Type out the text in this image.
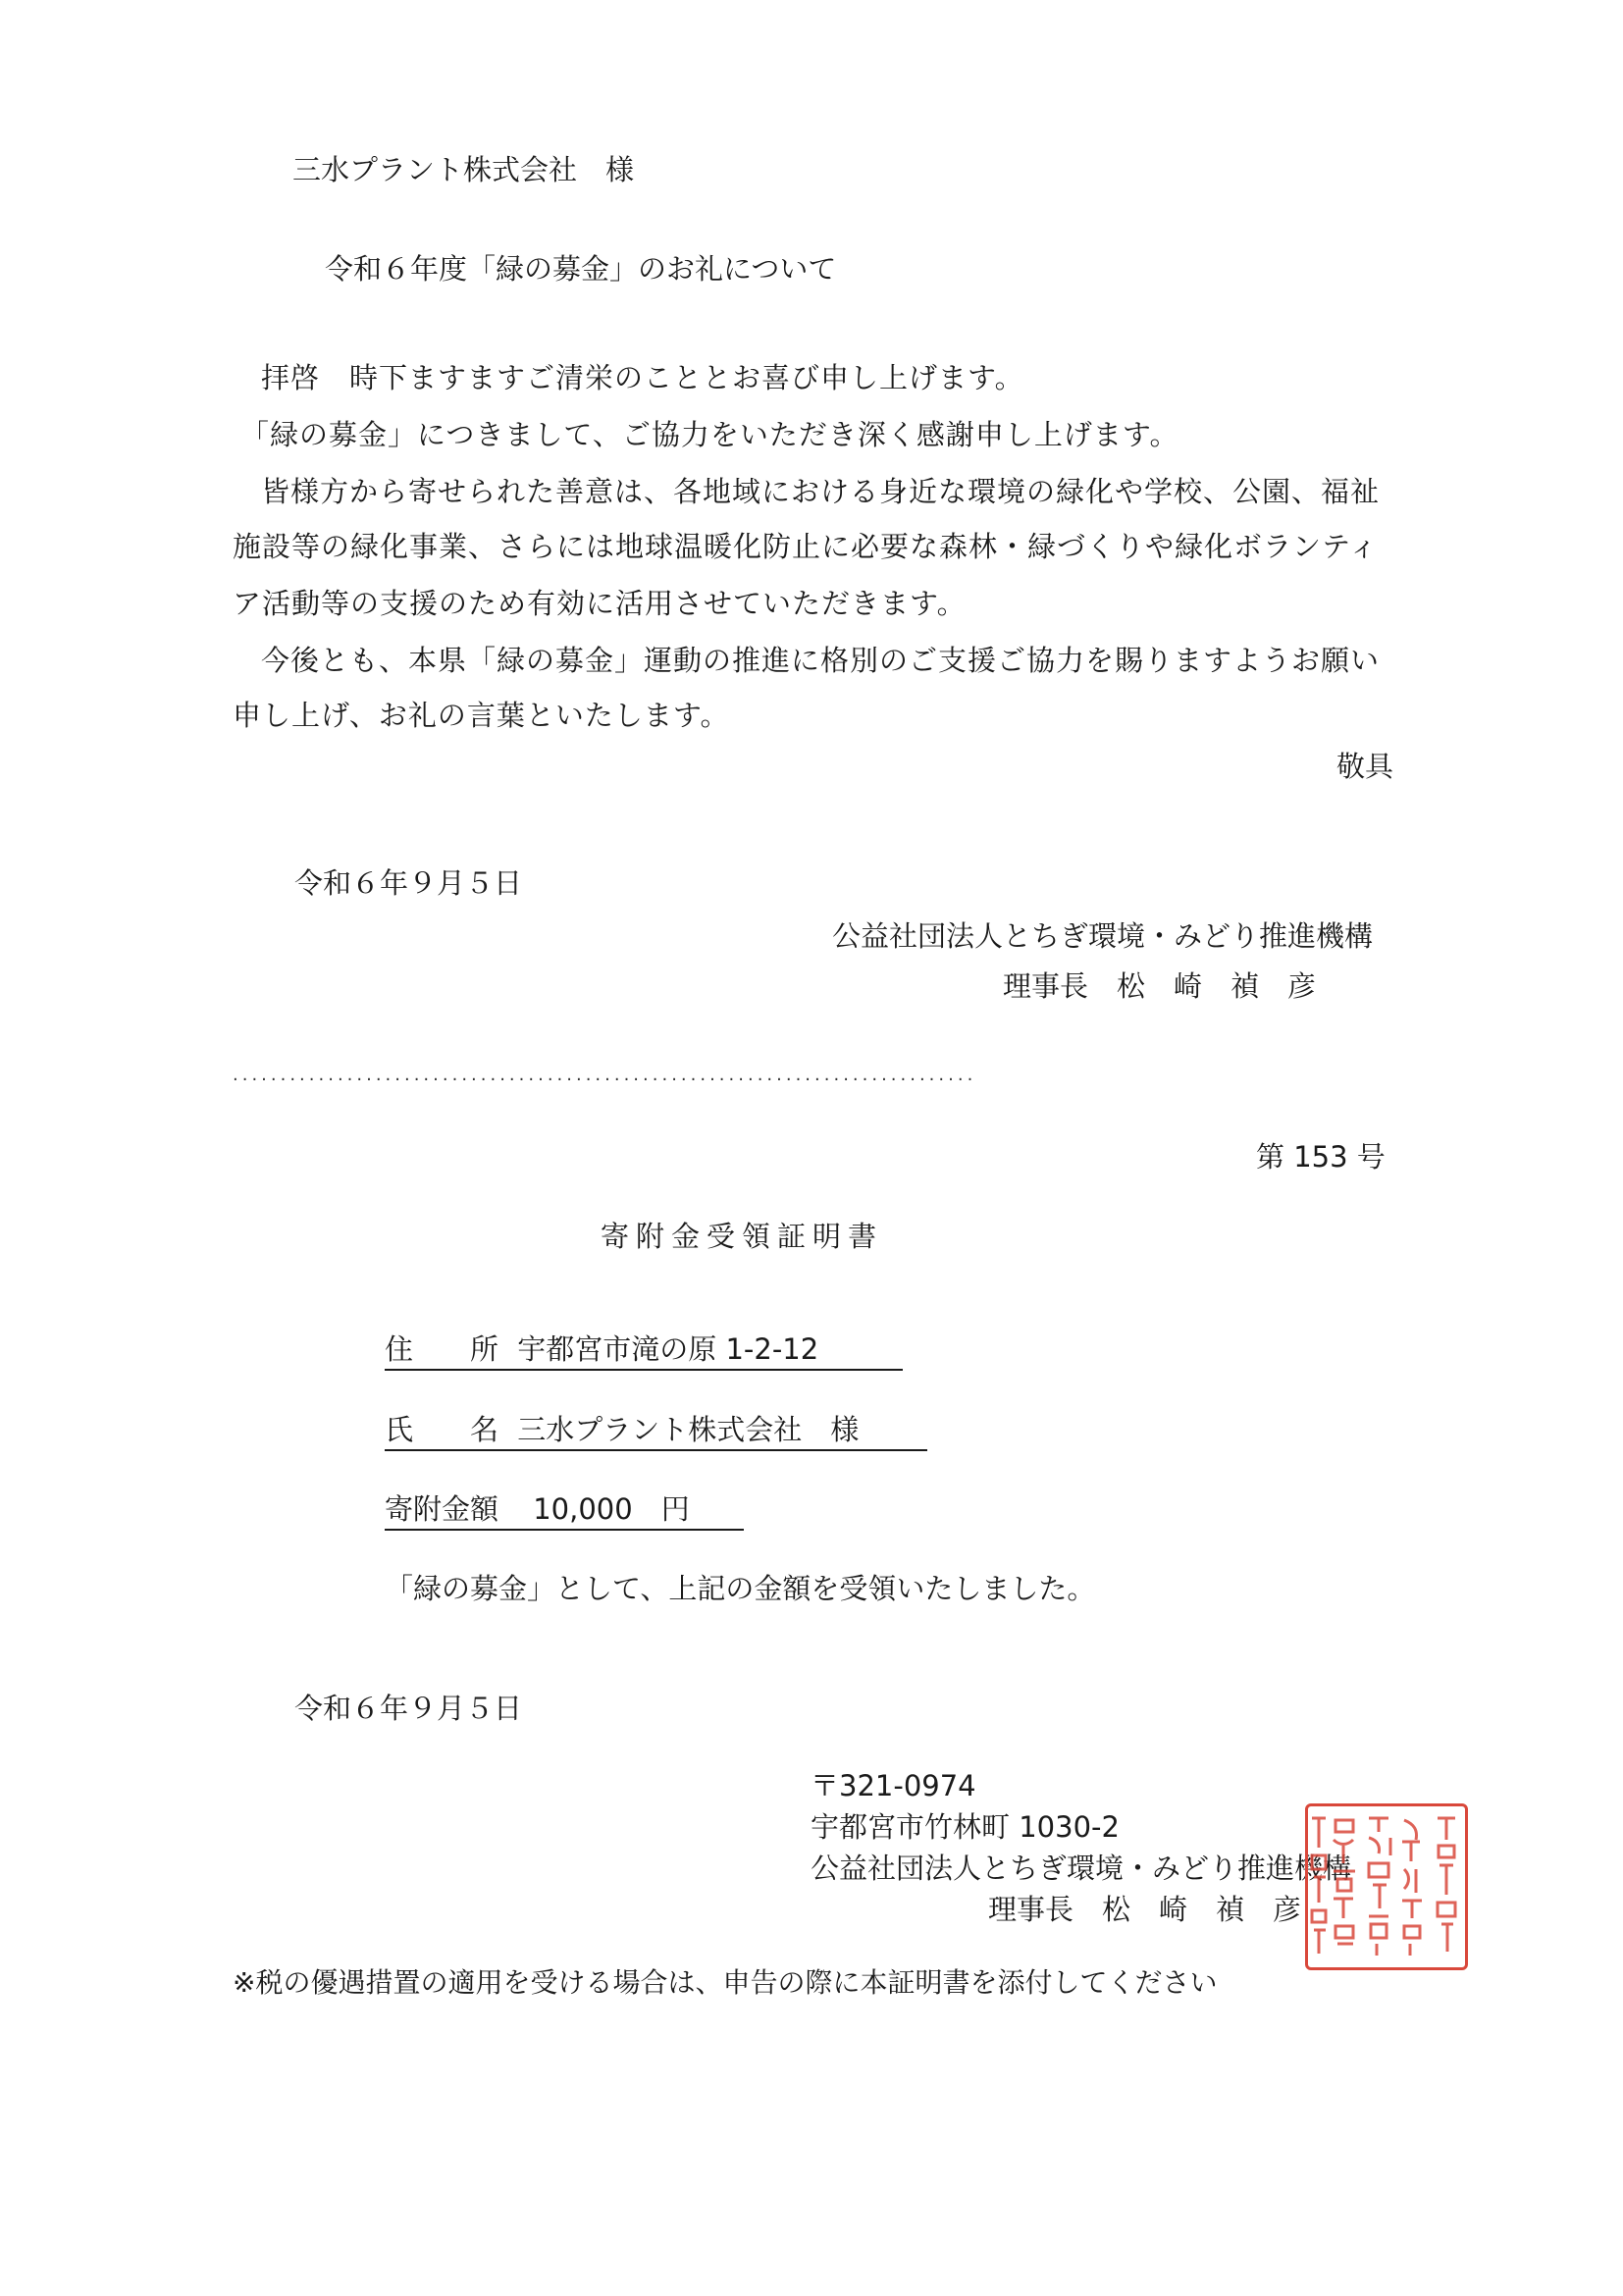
三水プラント株式会社　様
令和６年度「緑の募金」のお礼について
拝啓　時下ますますご清栄のこととお喜び申し上げます。
「緑の募金」につきまして、ご協力をいただき深く感謝申し上げます。
皆様方から寄せられた善意は、各地域における身近な環境の緑化や学校、公園、福祉
施設等の緑化事業、さらには地球温暖化防止に必要な森林・緑づくりや緑化ボランティ
ア活動等の支援のため有効に活用させていただきます。
今後とも、本県「緑の募金」運動の推進に格別のご支援ご協力を賜りますようお願い
申し上げ、お礼の言葉といたします。
敬具
令和６年９月５日
公益社団法人とちぎ環境・みどり推進機構
理事長　松　崎　禎　彦
..............................................................................
第 153 号
寄附金受領証明書
住　　所 宇都宮市滝の原 1-2-12
氏　　名 三水プラント株式会社　様
寄附金額 10,000　円
「緑の募金」として、上記の金額を受領いたしました。
令和６年９月５日
〒321-0974
宇都宮市竹林町 1030-2
公益社団法人とちぎ環境・みどり推進機構
理事長　松　崎　禎　彦
※税の優遇措置の適用を受ける場合は、申告の際に本証明書を添付してください
